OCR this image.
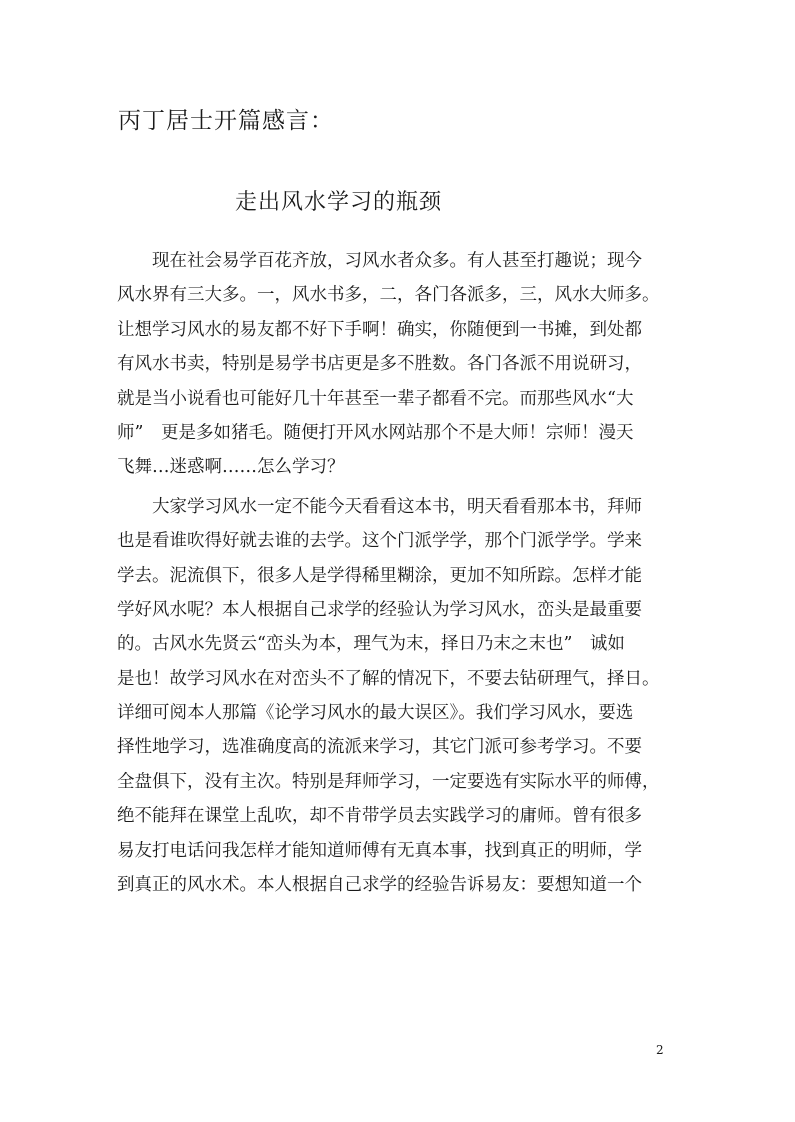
丙丁居士开篇感言：
走出风水学习的瓶颈
　　现在社会易学百花齐放，习风水者众多。有人甚至打趣说；现今
风水界有三大多。一，风水书多，二，各门各派多，三，风水大师多。
让想学习风水的易友都不好下手啊！确实，你随便到一书摊，到处都
有风水书卖，特别是易学书店更是多不胜数。各门各派不用说研习，
就是当小说看也可能好几十年甚至一辈子都看不完。而那些风水“大
师”　更是多如猪毛。随便打开风水网站那个不是大师！宗师！漫天
飞舞…迷惑啊……怎么学习？
　　大家学习风水一定不能今天看看这本书，明天看看那本书，拜师
也是看谁吹得好就去谁的去学。这个门派学学，那个门派学学。学来
学去。泥流俱下，很多人是学得稀里糊涂，更加不知所踪。怎样才能
学好风水呢？本人根据自己求学的经验认为学习风水，峦头是最重要
的。古风水先贤云“峦头为本，理气为末，择日乃末之末也”　诚如
是也！故学习风水在对峦头不了解的情况下，不要去钻研理气，择日。
详细可阅本人那篇《论学习风水的最大误区》。我们学习风水，要选
择性地学习，选准确度高的流派来学习，其它门派可参考学习。不要
全盘俱下，没有主次。特别是拜师学习，一定要选有实际水平的师傅，
绝不能拜在课堂上乱吹，却不肯带学员去实践学习的庸师。曾有很多
易友打电话问我怎样才能知道师傅有无真本事，找到真正的明师，学
到真正的风水术。本人根据自己求学的经验告诉易友：要想知道一个
2
